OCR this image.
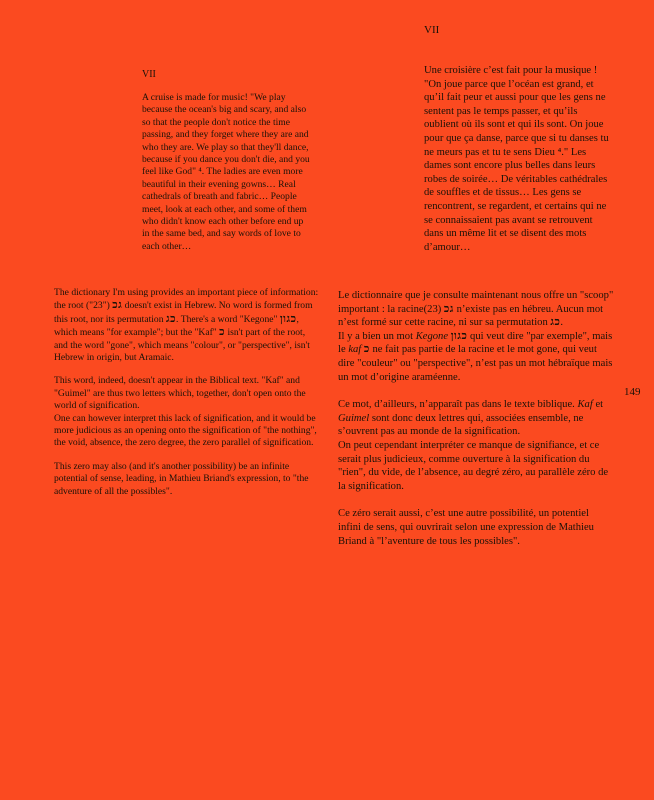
VII

A cruise is made for music! "We play because the ocean's big and scary, and also so that the people don't notice the time passing, and they forget where they are and who they are. We play so that they'll dance, because if you dance you don't die, and you feel like God" ⁴. The ladies are even more beautiful in their evening gowns… Real cathedrals of breath and fabric… People meet, look at each other, and some of them who didn't know each other before end up in the same bed, and say words of love to each other…

The dictionary I'm using provides an important piece of information: the root	גכ ("23") doesn't exist in Hebrew. No word is formed from this root, nor its permutation כג. There's a word "Kegone" כגון, which means "for example"; but the "Kaf" כ isn't part of the root, and the word "gone", which means "colour", or "perspective", isn't Hebrew in origin, but Aramaic.

This word, indeed, doesn't appear in the Biblical text. "Kaf" and "Guimel" are thus two letters which, together, don't open onto the world of signification.

One can however interpret this lack of signification, and it would be more judicious as an opening onto the signification of "the nothing", the void, absence, the zero degree, the zero parallel of signification.

This zero may also (and it's another possibility) be an infinite potential of sense, leading, in Mathieu Briand's expression, to "the adventure of all the possibles".

VII

Une croisière c’est fait pour la musique ! "On joue parce que l’océan est grand, et qu’il fait peur et aussi pour que les gens ne sentent pas le temps passer, et qu’ils oublient où ils sont et qui ils sont. On joue pour que ça danse, parce que si tu danses tu ne meurs pas et tu te sens Dieu ⁴." Les dames sont encore plus belles dans leurs robes de soirée… De véritables cathédrales de souffles et de tissus… Les gens se rencontrent, se regardent, et certains qui ne se connaissaient pas avant se retrouvent dans un même lit et se disent des mots d’amour…

Le dictionnaire que je consulte maintenant nous offre un "scoop" important : la racine גכ (23) n’existe pas en hébreu. Aucun mot n’est formé sur cette racine, ni sur sa permutation כג.

Il y a bien un mot Kegone כגון qui veut dire "par exemple", mais le kaf כ ne fait pas partie de la racine et le mot gone, qui veut dire "couleur" ou "perspective", n’est pas un mot hébraïque mais un mot d’origine araméenne.

Ce mot, d’ailleurs, n’apparaît pas dans le texte biblique. Kaf et Guimel sont donc deux lettres qui, associées ensemble, ne s’ouvrent pas au monde de la signification.

On peut cependant interpréter ce manque de signifiance, et ce serait plus judicieux, comme ouverture à la signification du "rien", du vide, de l’absence, au degré zéro, au parallèle zéro de la signification.

Ce zéro serait aussi, c’est une autre possibilité, un potentiel infini de sens, qui ouvrirait selon une expression de Mathieu Briand à "l’aventure de tous les possibles".

149
